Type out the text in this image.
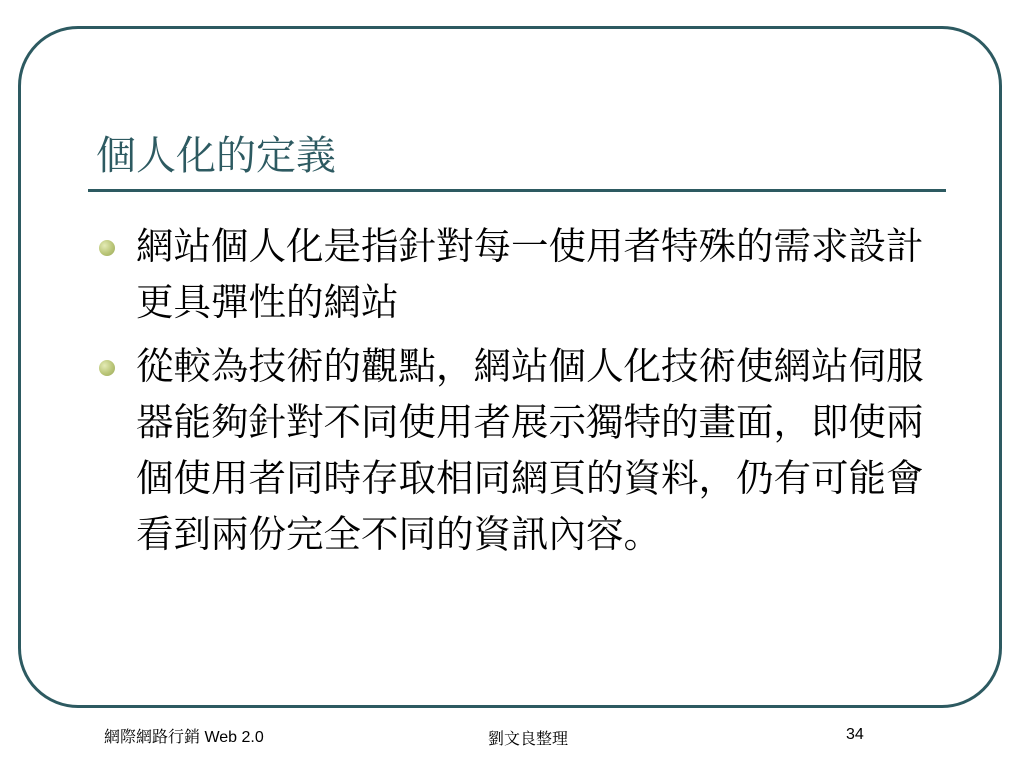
個人化的定義
網站個人化是指針對每一使用者特殊的需求設計更具彈性的網站
從較為技術的觀點，網站個人化技術使網站伺服器能夠針對不同使用者展示獨特的畫面，即使兩個使用者同時存取相同網頁的資料，仍有可能會看到兩份完全不同的資訊內容。
網際網路行銷 Web 2.0	劉文良整理	34
